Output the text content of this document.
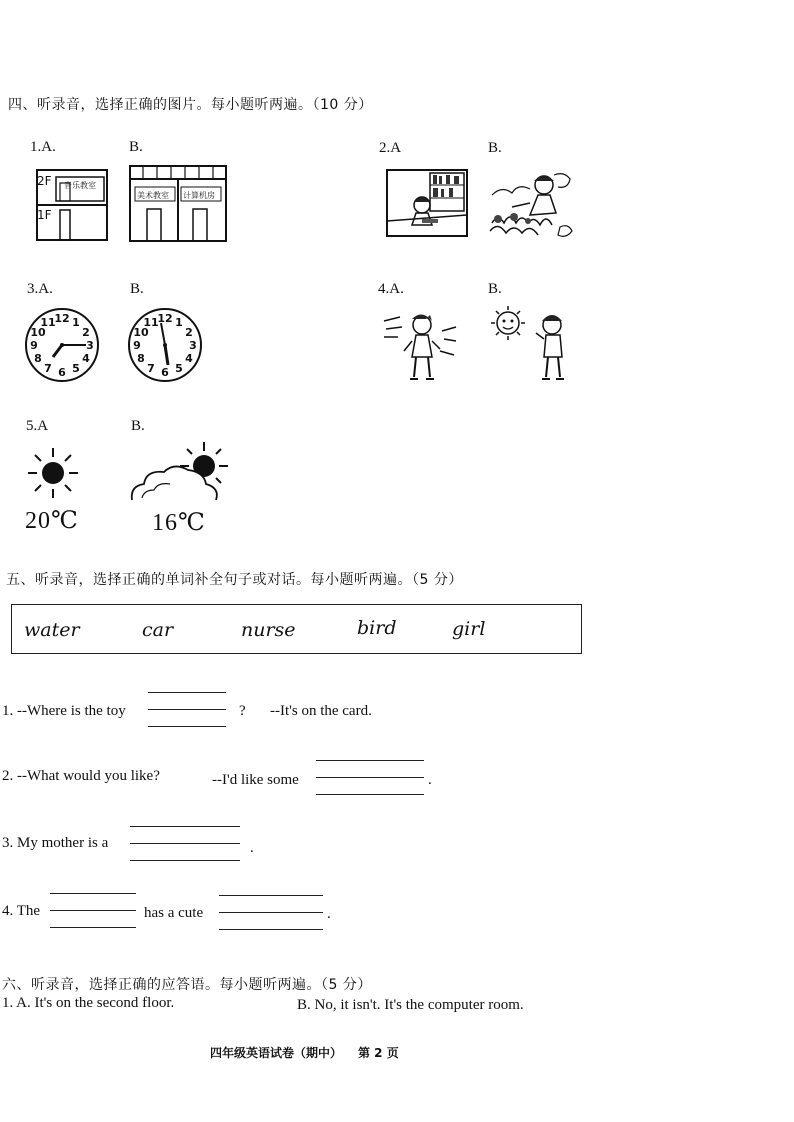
四、听录音，选择正确的图片。每小题听两遍。（10 分）
1.A.	B.
2F
1F
音乐教室
美术教室 计算机房
2.A	B.
3.A.	B.
12 1
2
3
4
5
6
7
8
9
10
11	12 1
2
3
4
5
6
7
8
9
10
11
4.A.	B.
5.A	B.
20℃	16℃
五、听录音，选择正确的单词补全句子或对话。每小题听两遍。（5 分）
water	car	nurse	bird	girl
1. --Where is the toy	? --It's on the card.
2. --What would you like?	--I'd like some	.
3. My mother is a	.
4. The	has a cute	.
六、听录音，选择正确的应答语。每小题听两遍。（5 分）
1. A. It's on the second floor.	B. No, it isn't. It's the computer room.
四年级英语试卷（期中） 第 2 页
